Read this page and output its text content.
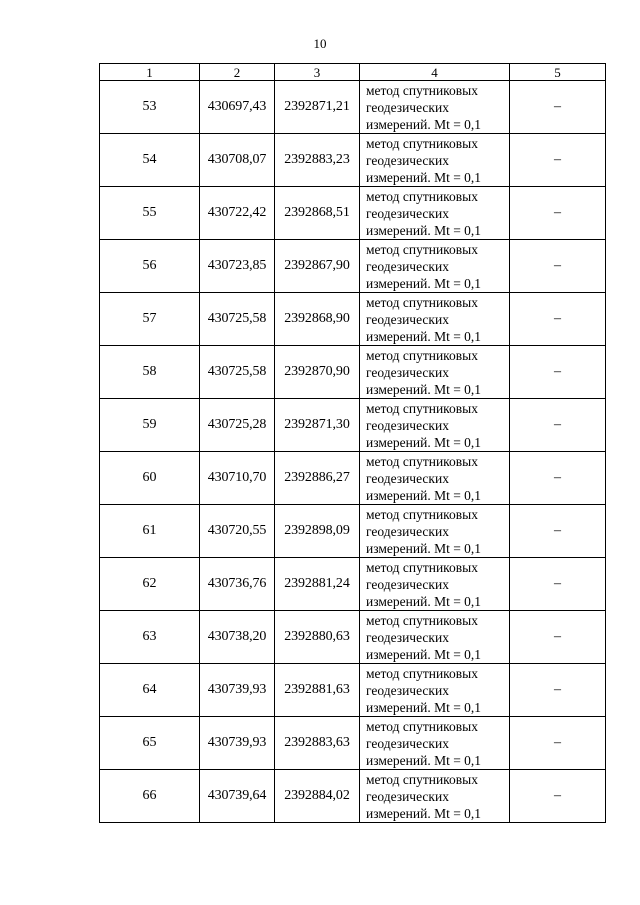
10
1	2	3	4	5
53	430697,43	2392871,21	метод спутниковых
геодезических
измерений. Mt = 0,1	–
54	430708,07	2392883,23	метод спутниковых
геодезических
измерений. Mt = 0,1	–
55	430722,42	2392868,51	метод спутниковых
геодезических
измерений. Mt = 0,1	–
56	430723,85	2392867,90	метод спутниковых
геодезических
измерений. Mt = 0,1	–
57	430725,58	2392868,90	метод спутниковых
геодезических
измерений. Mt = 0,1	–
58	430725,58	2392870,90	метод спутниковых
геодезических
измерений. Mt = 0,1	–
59	430725,28	2392871,30	метод спутниковых
геодезических
измерений. Mt = 0,1	–
60	430710,70	2392886,27	метод спутниковых
геодезических
измерений. Mt = 0,1	–
61	430720,55	2392898,09	метод спутниковых
геодезических
измерений. Mt = 0,1	–
62	430736,76	2392881,24	метод спутниковых
геодезических
измерений. Mt = 0,1	–
63	430738,20	2392880,63	метод спутниковых
геодезических
измерений. Mt = 0,1	–
64	430739,93	2392881,63	метод спутниковых
геодезических
измерений. Mt = 0,1	–
65	430739,93	2392883,63	метод спутниковых
геодезических
измерений. Mt = 0,1	–
66	430739,64	2392884,02	метод спутниковых
геодезических
измерений. Mt = 0,1	–
